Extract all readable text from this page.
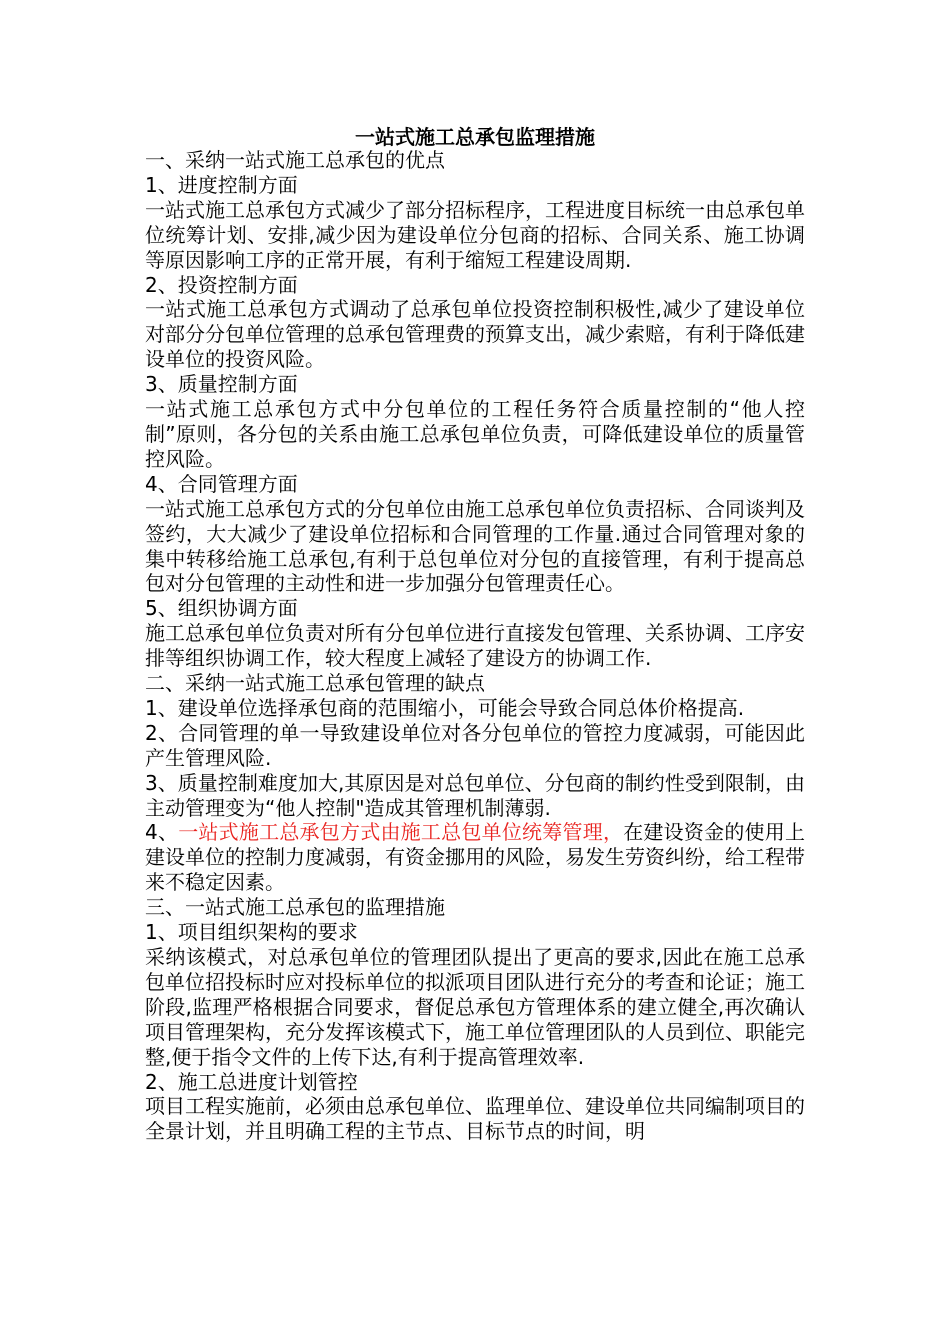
一站式施工总承包监理措施

一、采纳一站式施工总承包的优点

1、进度控制方面

一站式施工总承包方式减少了部分招标程序，工程进度目标统一由总承包单位统筹计划、安排,减少因为建设单位分包商的招标、合同关系、施工协调等原因影响工序的正常开展，有利于缩短工程建设周期.

2、投资控制方面

一站式施工总承包方式调动了总承包单位投资控制积极性,减少了建设单位对部分分包单位管理的总承包管理费的预算支出，减少索赔，有利于降低建设单位的投资风险。

3、质量控制方面

一站式施工总承包方式中分包单位的工程任务符合质量控制的“他人控制”原则，各分包的关系由施工总承包单位负责，可降低建设单位的质量管控风险。

4、合同管理方面

一站式施工总承包方式的分包单位由施工总承包单位负责招标、合同谈判及签约，大大减少了建设单位招标和合同管理的工作量.通过合同管理对象的集中转移给施工总承包,有利于总包单位对分包的直接管理，有利于提高总包对分包管理的主动性和进一步加强分包管理责任心。

5、组织协调方面

施工总承包单位负责对所有分包单位进行直接发包管理、关系协调、工序安排等组织协调工作，较大程度上减轻了建设方的协调工作.

二、采纳一站式施工总承包管理的缺点

1、建设单位选择承包商的范围缩小，可能会导致合同总体价格提高.

2、合同管理的单一导致建设单位对各分包单位的管控力度减弱，可能因此产生管理风险.

3、质量控制难度加大,其原因是对总包单位、分包商的制约性受到限制，由主动管理变为“他人控制"造成其管理机制薄弱.

4、一站式施工总承包方式由施工总包单位统筹管理，在建设资金的使用上建设单位的控制力度减弱，有资金挪用的风险，易发生劳资纠纷，给工程带来不稳定因素。

三、一站式施工总承包的监理措施

1、项目组织架构的要求

采纳该模式，对总承包单位的管理团队提出了更高的要求,因此在施工总承包单位招投标时应对投标单位的拟派项目团队进行充分的考查和论证；施工阶段,监理严格根据合同要求，督促总承包方管理体系的建立健全,再次确认项目管理架构，充分发挥该模式下，施工单位管理团队的人员到位、职能完整,便于指令文件的上传下达,有利于提高管理效率.

2、施工总进度计划管控

项目工程实施前，必须由总承包单位、监理单位、建设单位共同编制项目的全景计划，并且明确工程的主节点、目标节点的时间，明
